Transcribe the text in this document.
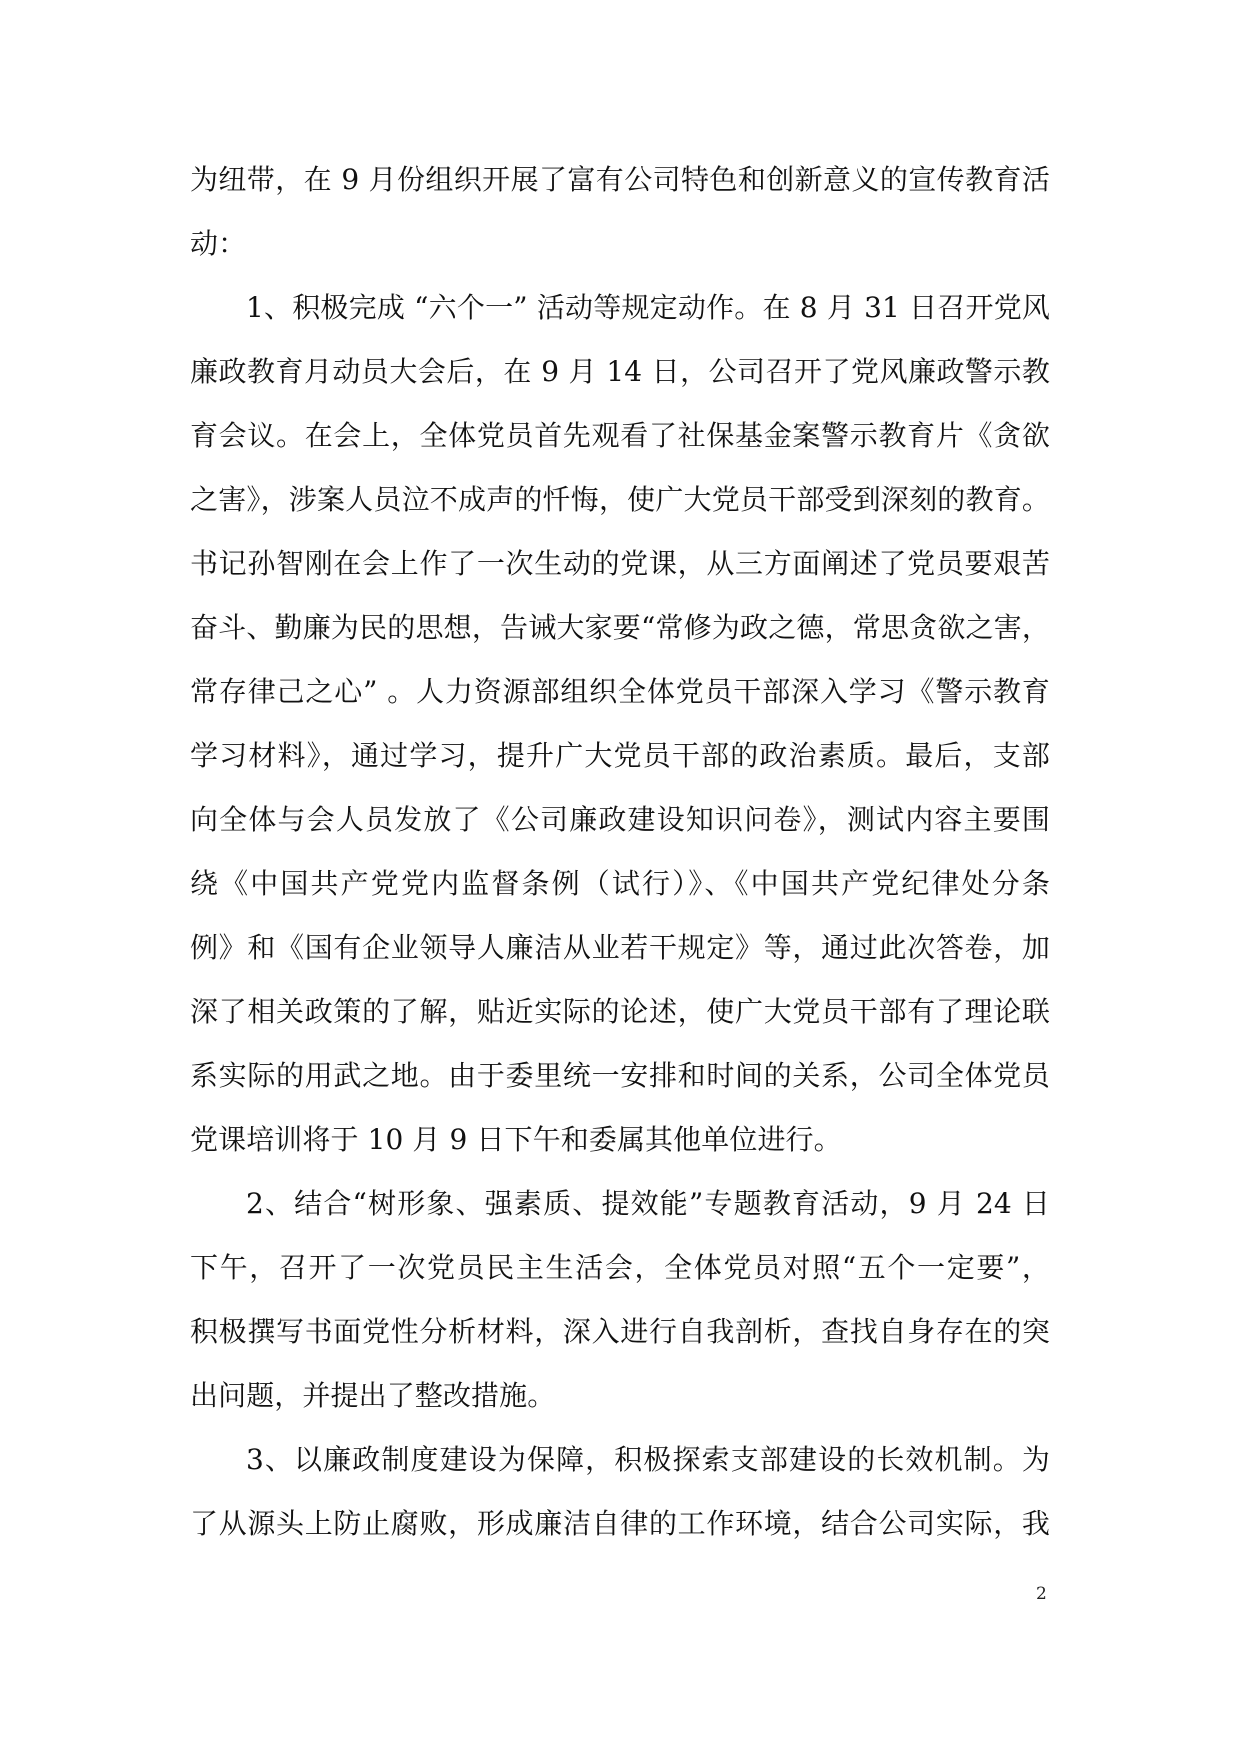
为纽带，在 9 月份组织开展了富有公司特色和创新意义的宣传教育活
动：
1、积极完成 “六个一” 活动等规定动作。在 8 月 31 日召开党风
廉政教育月动员大会后，在 9 月 14 日，公司召开了党风廉政警示教
育会议。在会上，全体党员首先观看了社保基金案警示教育片《贪欲
之害》，涉案人员泣不成声的忏悔，使广大党员干部受到深刻的教育。
书记孙智刚在会上作了一次生动的党课，从三方面阐述了党员要艰苦
奋斗、勤廉为民的思想，告诫大家要“常修为政之德，常思贪欲之害，
常存律己之心” 。人力资源部组织全体党员干部深入学习《警示教育
学习材料》，通过学习，提升广大党员干部的政治素质。最后，支部
向全体与会人员发放了《公司廉政建设知识问卷》，测试内容主要围
绕《中国共产党党内监督条例（试行）》、《中国共产党纪律处分条
例》和《国有企业领导人廉洁从业若干规定》等，通过此次答卷，加
深了相关政策的了解，贴近实际的论述，使广大党员干部有了理论联
系实际的用武之地。由于委里统一安排和时间的关系，公司全体党员
党课培训将于 10 月 9 日下午和委属其他单位进行。
2、结合“树形象、强素质、提效能”专题教育活动，9 月 24 日
下午，召开了一次党员民主生活会，全体党员对照“五个一定要”，
积极撰写书面党性分析材料，深入进行自我剖析，查找自身存在的突
出问题，并提出了整改措施。
3、以廉政制度建设为保障，积极探索支部建设的长效机制。为
了从源头上防止腐败，形成廉洁自律的工作环境，结合公司实际，我
2
